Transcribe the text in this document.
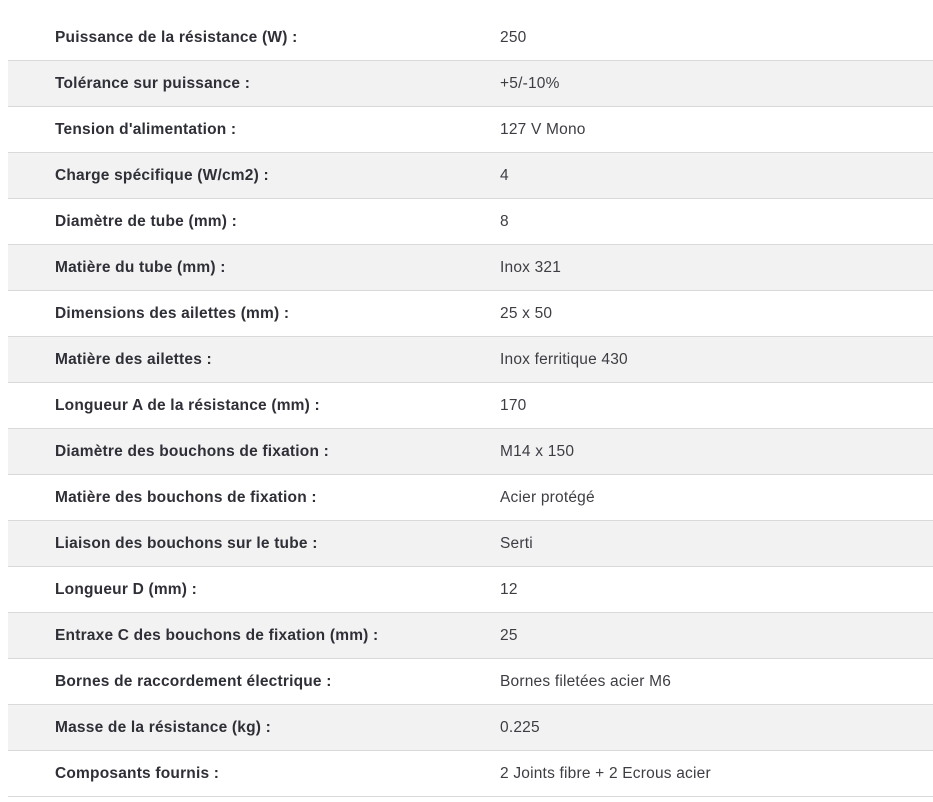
Puissance de la résistance (W) :	250
Tolérance sur puissance :	+5/-10%
Tension d'alimentation :	127 V Mono
Charge spécifique (W/cm2) :	4
Diamètre de tube (mm) :	8
Matière du tube (mm) :	Inox 321
Dimensions des ailettes (mm) :	25 x 50
Matière des ailettes :	Inox ferritique 430
Longueur A de la résistance (mm) :	170
Diamètre des bouchons de fixation :	M14 x 150
Matière des bouchons de fixation :	Acier protégé
Liaison des bouchons sur le tube :	Serti
Longueur D (mm) :	12
Entraxe C des bouchons de fixation (mm) :	25
Bornes de raccordement électrique :	Bornes filetées acier M6
Masse de la résistance (kg) :	0.225
Composants fournis :	2 Joints fibre + 2 Ecrous acier
